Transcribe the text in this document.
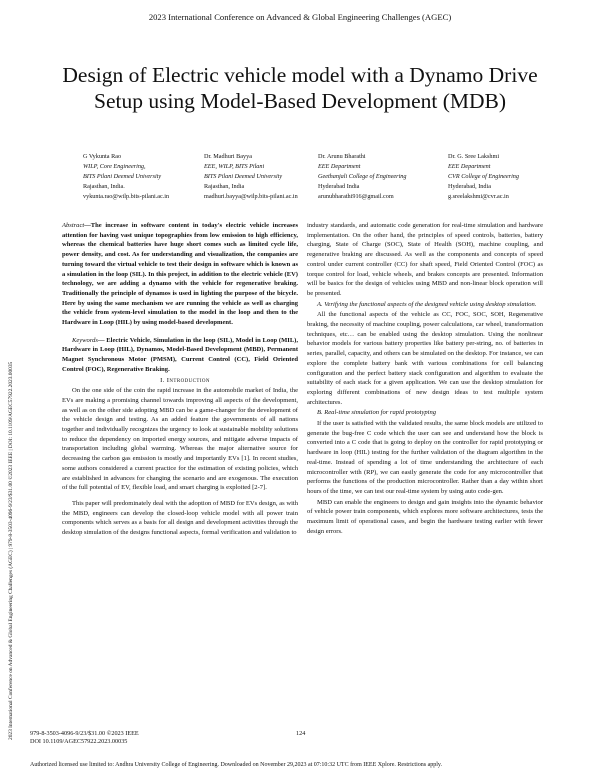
2023 International Conference on Advanced & Global Engineering Challenges (AGEC)
Design of Electric vehicle model with a Dynamo Drive Setup using Model-Based Development (MDB)
G Vykunta Rao
WILP, Core Engineering,
BITS Pilani Deemed University
Rajasthan, India.
vykunta.rao@wilp.bits-pilani.ac.in
Dr. Madhuri Bayya
EEE, WILP, BITS Pilani
BITS Pilani Deemed University
Rajasthan, India
madhuri.bayya@wilp.bits-pilani.ac.in
Dr. Arunu Bharathi
EEE Department
Geethanjali College of Engineering
Hyderabad India
arunubharathi916@gmail.com
Dr. G. Sree Lakshmi
EEE Department
CVR College of Engineering
Hyderabad, India
g.sreelakshmi@cvr.ac.in
2023 International Conference on Advanced & Global Engineering Challenges (AGEC) | 979-8-3503-4096-9/23/$31.00 ©2023 IEEE | DOI: 10.1109/AGEC57922.2023.00035

Abstract—The increase in software content in today's electric vehicle increases attention for having vast unique topographies from low emission to high efficiency, whereas the chemical batteries have huge short comes such as limited cycle life, power density, and cost. As for understanding and visualization, the companies are turning toward the virtual vehicle to test their design in software which is known as a simulation in the loop (SIL). In this project, in addition to the electric vehicle (EV) technology, we are adding a dynamo with the vehicle for regenerative braking. Traditionally the principle of dynamos is used in lighting the purpose of the bicycle. Here by using the same mechanism we are running the vehicle as well as charging the vehicle from system-level simulation to the model in the loop and then to the Hardware in Loop (HIL) by using model-based development.

Keywords— Electric Vehicle, Simulation in the loop (SIL), Model in Loop (MIL), Hardware in Loop (HIL), Dynamos, Model-Based Development (MBD), Permanent Magnet Synchronous Motor (PMSM), Current Control (CC), Field Oriented Control (FOC), Regenerative Braking.

I. Introduction

On the one side of the coin the rapid increase in the automobile market of India, the EVs are making a promising channel towards improving all aspects of the development, as well as on the other side adopting MBD can be a game-changer for the development of the vehicle design and testing. As an added feature the governments of all nations together and individually recognizes the urgency to look at sustainable mobility solutions to reduce the dependency on imported energy sources, and mitigate adverse impacts of transportation including global warming. Whereas the major alternative source for decreasing the carbon gas emission is mostly and importantly EVs [1]. In recent studies, some authors considered a current practice for the estimation of existing policies, which are established in advances for changing the scenario and are exogenous. The execution of the full potential of EV, flexible load, and smart charging is exploited [2-7].

This paper will predominately deal with the adoption of MBD for EVs design, as with the MBD, engineers can develop the closed-loop vehicle model with all power train components which serves as a basis for all design and development activities through the desktop simulation of the designs functional aspects, formal verification and validation to

industry standards, and automatic code generation for real-time simulation and hardware implementation. On the other hand, the principles of speed controls, batteries, battery charging, State of Charge (SOC), State of Health (SOH), machine coupling, and regenerative braking are discussed. As well as the components and concepts of speed control under current controller (CC) for shaft speed, Field Oriented Control (FOC) as torque control for load, vehicle wheels, and brakes concepts are presented. Information will be basics for the design of vehicles using MBD and non-linear block operation will be presented.

A. Verifying the functional aspects of the designed vehicle using desktop simulation.

All the functional aspects of the vehicle as CC, FOC, SOC, SOH, Regenerative braking, the necessity of machine coupling, power calculations, car wheel, transformation techniques, etc… can be enabled using the desktop simulation. Using the nonlinear behavior models for various battery properties like battery per-string, no. of batteries in series, parallel, capacity, and others can be simulated on the desktop. For instance, we can explore the complete battery bank with various combinations for cell balancing configuration and the perfect battery stack configuration and algorithm to evaluate the suitability of each stack for a given application. We can use the desktop simulation for exploring different combinations of new design ideas to test multiple system architectures.

B. Real-time simulation for rapid prototyping

If the user is satisfied with the validated results, the same block models are utilized to generate the bug-free C code which the user can see and understand how the block is converted into a C code that is going to deploy on the controller for rapid prototyping or hardware in loop (HIL) testing for the further validation of the diagram algorithm in the real-time. Instead of spending a lot of time understanding the architecture of each microcontroller with (RP), we can easily generate the code for any microcontroller that performs the functions of the production microcontroller. Rather than a day within short hours of the time, we can test our real-time system by using auto code-gen.

MBD can enable the engineers to design and gain insights into the dynamic behavior of vehicle power train components, which explores more software architectures, tests the maximum limit of operational cases, and begin the hardware testing earlier with fewer design errors.

979-8-3503-4096-9/23/$31.00 ©2023 IEEE
DOI 10.1109/AGEC57922.2023.00035
124
Authorized licensed use limited to: Andhra University College of Engineering. Downloaded on November 29,2023 at 07:10:32 UTC from IEEE Xplore. Restrictions apply.
